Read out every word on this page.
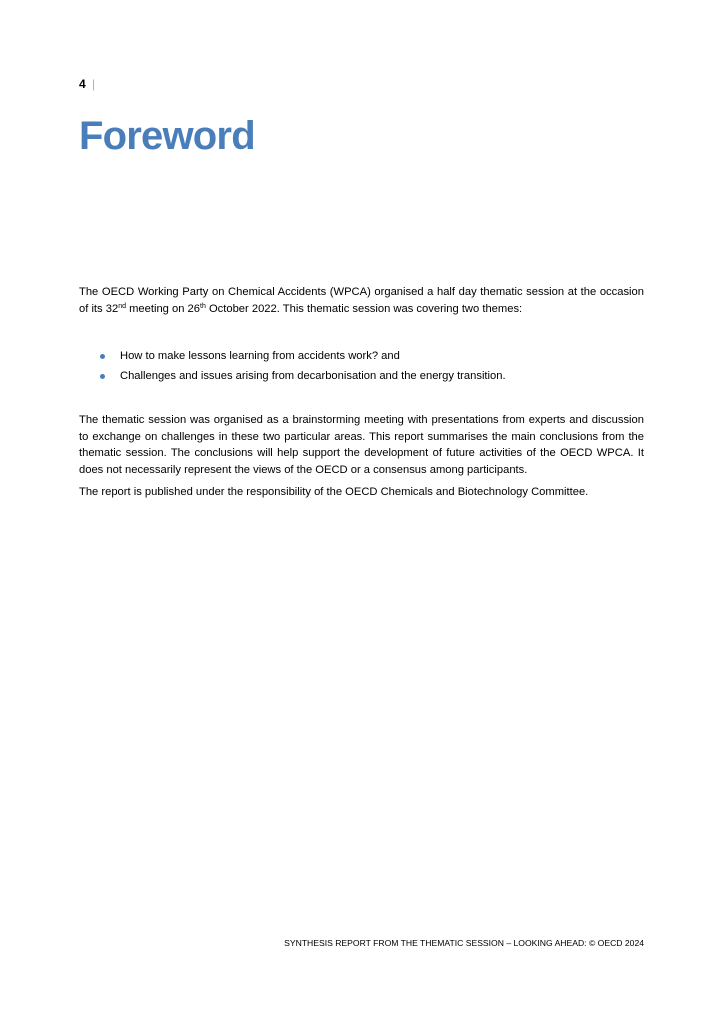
4 |
Foreword

The OECD Working Party on Chemical Accidents (WPCA) organised a half day thematic session at the occasion of its 32nd meeting on 26th October 2022. This thematic session was covering two themes:

How to make lessons learning from accidents work? and
Challenges and issues arising from decarbonisation and the energy transition.

The thematic session was organised as a brainstorming meeting with presentations from experts and discussion to exchange on challenges in these two particular areas. This report summarises the main conclusions from the thematic session. The conclusions will help support the development of future activities of the OECD WPCA. It does not necessarily represent the views of the OECD or a consensus among participants.

The report is published under the responsibility of the OECD Chemicals and Biotechnology Committee.

SYNTHESIS REPORT FROM THE THEMATIC SESSION – LOOKING AHEAD: © OECD 2024
